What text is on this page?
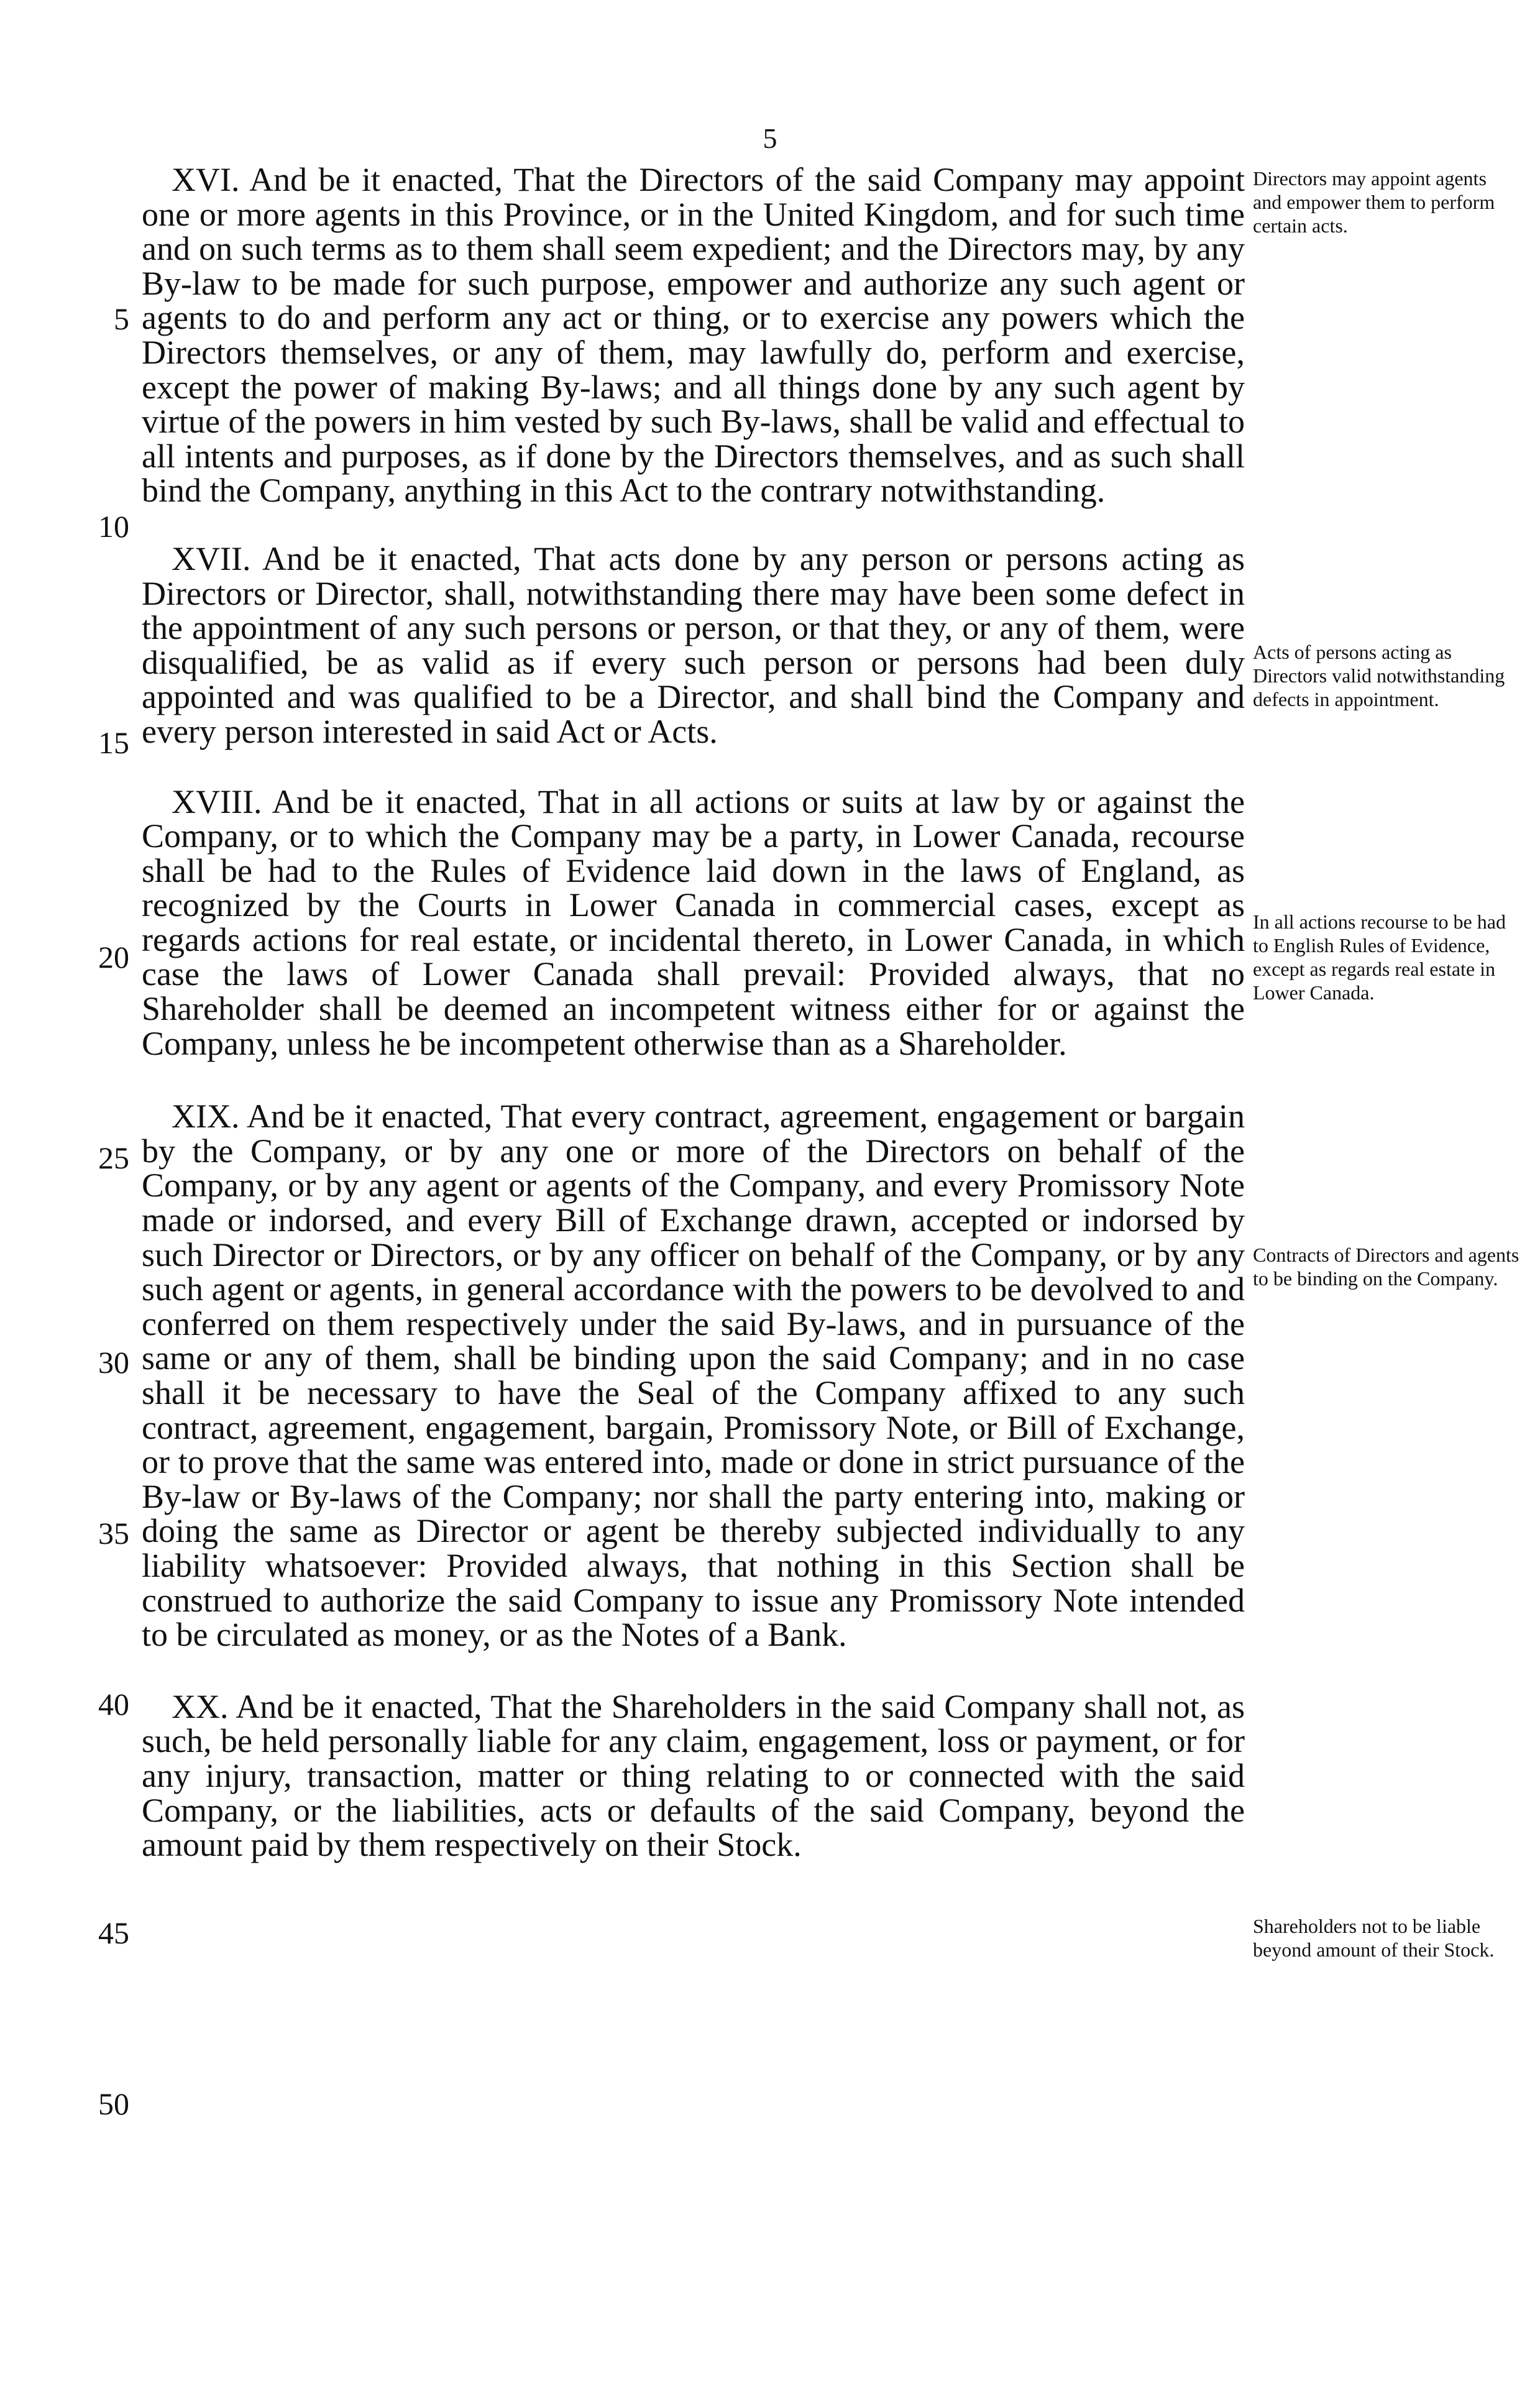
5
5
10
15
20
25
30
35
40
45
50

XVI. And be it enacted, That the Directors of the said Company may appoint one or more agents in this Province, or in the United Kingdom, and for such time and on such terms as to them shall seem expedient; and the Directors may, by any By-law to be made for such purpose, empower and authorize any such agent or agents to do and perform any act or thing, or to exercise any powers which the Directors themselves, or any of them, may lawfully do, perform and exercise, except the power of making By-laws; and all things done by any such agent by virtue of the powers in him vested by such By-laws, shall be valid and effectual to all intents and purposes, as if done by the Directors themselves, and as such shall bind the Company, anything in this Act to the contrary notwithstanding.

XVII. And be it enacted, That acts done by any person or persons acting as Directors or Director, shall, notwithstanding there may have been some defect in the appointment of any such persons or person, or that they, or any of them, were disqualified, be as valid as if every such person or persons had been duly appointed and was qualified to be a Director, and shall bind the Company and every person interested in said Act or Acts.

XVIII. And be it enacted, That in all actions or suits at law by or against the Company, or to which the Company may be a party, in Lower Canada, recourse shall be had to the Rules of Evidence laid down in the laws of England, as recognized by the Courts in Lower Canada in commercial cases, except as regards actions for real estate, or incidental thereto, in Lower Canada, in which case the laws of Lower Canada shall prevail: Provided always, that no Shareholder shall be deemed an incompetent witness either for or against the Company, unless he be incompetent otherwise than as a Shareholder.

XIX. And be it enacted, That every contract, agreement, engagement or bargain by the Company, or by any one or more of the Directors on behalf of the Company, or by any agent or agents of the Company, and every Promissory Note made or indorsed, and every Bill of Exchange drawn, accepted or indorsed by such Director or Directors, or by any officer on behalf of the Company, or by any such agent or agents, in general accordance with the powers to be devolved to and conferred on them respectively under the said By-laws, and in pursuance of the same or any of them, shall be binding upon the said Company; and in no case shall it be necessary to have the Seal of the Company affixed to any such contract, agreement, engagement, bargain, Promissory Note, or Bill of Exchange, or to prove that the same was entered into, made or done in strict pursuance of the By-law or By-laws of the Company; nor shall the party entering into, making or doing the same as Director or agent be thereby subjected individually to any liability whatsoever: Provided always, that nothing in this Section shall be construed to authorize the said Company to issue any Promissory Note intended to be circulated as money, or as the Notes of a Bank.

XX. And be it enacted, That the Shareholders in the said Company shall not, as such, be held personally liable for any claim, engagement, loss or payment, or for any injury, transaction, matter or thing relating to or connected with the said Company, or the liabilities, acts or defaults of the said Company, beyond the amount paid by them respectively on their Stock.

Directors may appoint agents and empower them to perform certain acts.

Acts of persons acting as Directors valid notwithstanding defects in appointment.

In all actions recourse to be had to English Rules of Evidence, except as regards real estate in Lower Canada.

Contracts of Directors and agents to be binding on the Company.

Shareholders not to be liable beyond amount of their Stock.
